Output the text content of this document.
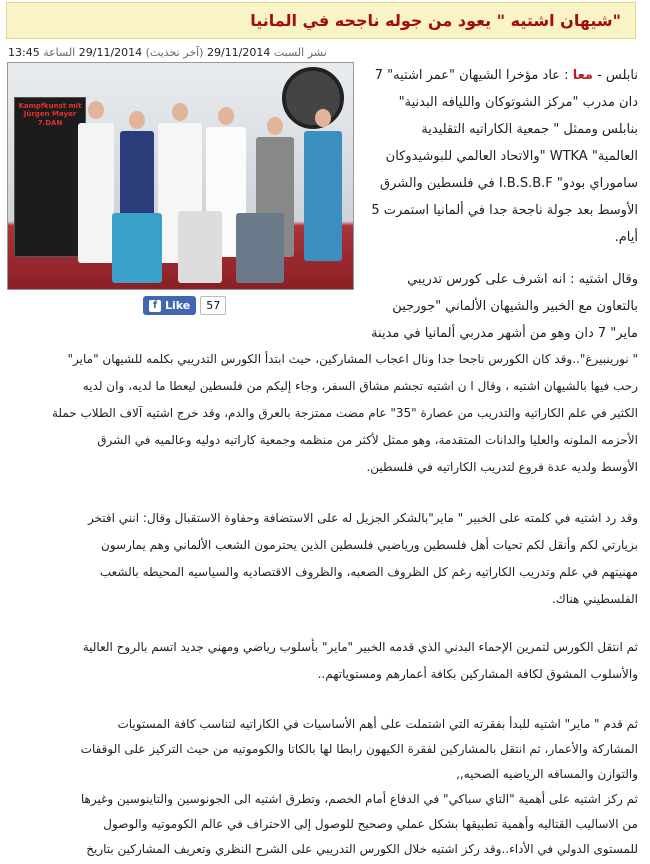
"شيهان اشتيه " يعود من جوله ناجحه في المانيا
نشر السبت 29/11/2014 (آخر تحديث) 29/11/2014 الساعة 13:45
Kampfkunst mit Jürgen Mayer 7.DAN
f Like	57

نابلس - معا : عاد مؤخرا الشيهان "عمر اشتيه" 7

دان مدرب "مركز الشوتوكان والليافه البدنية"

بنابلس وممثل " جمعية الكاراتيه التقليدية

العالمية" WTKA "والاتحاد العالمي للبوشيدوكان

ساموراي بودو" I.B.S.B.F في فلسطين والشرق

الأوسط بعد جولة ناجحة جدا في ألمانيا استمرت 5

أيام.

وقال اشتيه : انه اشرف على كورس تدريبي

بالتعاون مع الخبير والشيهان الألماني "جورجين

ماير" 7 دان وهو من أشهر مدربي ألمانيا في مدينة

" نورينبيرغ"..وقد كان الكورس ناجحا جدا ونال اعجاب المشاركين، حيث ابتدأ الكورس التدريبي بكلمه للشيهان "ماير"

رحب فيها بالشيهان اشتيه ، وقال ا ن اشتيه تجشم مشاق السفر، وجاء إليكم من فلسطين ليعطا ما لديه، وان لديه

الكثير في علم الكاراتيه والتدريب من عصارة "35" عام مضت ممتزجة بالعرق والدم، وقد خرج اشتيه آلاف الطلاب حملة

الأحزمه الملونه والعليا والدانات المتقدمة، وهو ممثل لأكثر من منظمه وجمعية كاراتيه دوليه وعالميه في الشرق

الأوسط ولديه عدة فروع لتدريب الكاراتيه في فلسطين.

وقد رد اشتيه في كلمته على الخبير " ماير"بالشكر الجزيل له على الاستضافة وحفاوة الاستقبال وقال: انني افتخر

بزيارتي لكم وأنقل لكم تحيات أهل فلسطين ورياضيي فلسطين الذين يحترمون الشعب الألماني وهم يمارسون

مهنيتهم في علم وتدريب الكاراتيه رغم كل الظروف الصعبه، والظروف الاقتصاديه والسياسيه المحيطه بالشعب

الفلسطيني هناك.

ثم انتقل الكورس لتمرين الإحماء البدني الذي قدمه الخبير "ماير" بأسلوب رياضي ومهني جديد اتسم بالروح العالية

والأسلوب المشوق لكافة المشاركين بكافة أعمارهم ومستوياتهم..

ثم قدم " ماير" اشتيه للبدأ بفقرته التي اشتملت على أهم الأساسيات في الكاراتيه لتناسب كافة المستويات

المشاركة والأعمار، ثم انتقل بالمشاركين لفقرة الكيهون رابطا لها بالكاتا والكوموتيه من حيث التركيز على الوقفات

والتوازن والمسافه الرياضيه الصحيه,,

ثم ركز اشتيه على أهمية "التاي سباكي" في الدفاع أمام الخصم، وتطرق اشتيه الى الجونوسين والتاينوسين وغيرها

من الاساليب القتاليه وأهمية تطبيقها بشكل عملي وصحيح للوصول إلى الاحتراف في عالم الكوموتيه والوصول

للمستوى الدولي في الأداء..وقد ركز اشتيه خلال الكورس التدريبي على الشرح النظري وتعريف المشاركين بتاريخ
